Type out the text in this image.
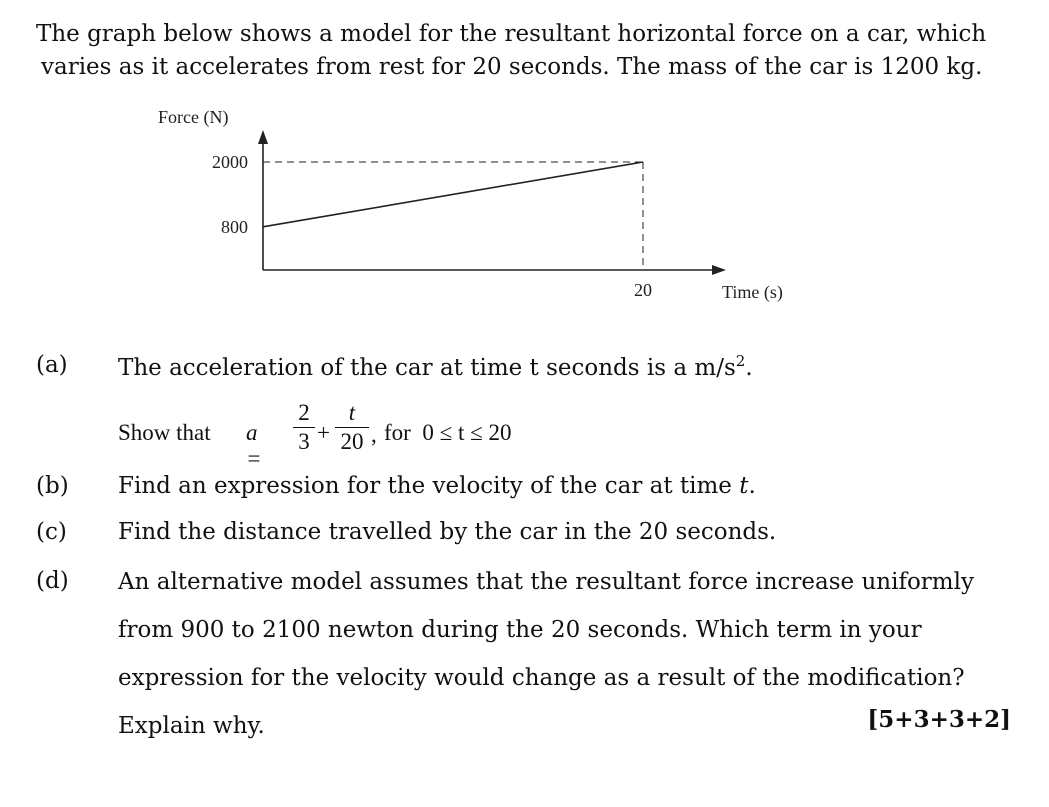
The graph below shows a model for the resultant horizontal force on a car, which
varies as it accelerates from rest for 20 seconds. The mass of the car is 1200 kg.
Force (N)
Time (s)
2000
800
20
(a) The acceleration of the car at time t seconds is a $m/s^2$.
Show that a =
2
3 +
t
20 , for  0 ≤ t ≤ 20
(b) Find an expression for the velocity of the car at time t.
(c) Find the distance travelled by the car in the 20 seconds.
(d) An alternative model assumes that the resultant force increase uniformly
from 900 to 2100 newton during the 20 seconds. Which term in your
expression for the velocity would change as a result of the modification?
Explain why.	[5+3+3+2]
